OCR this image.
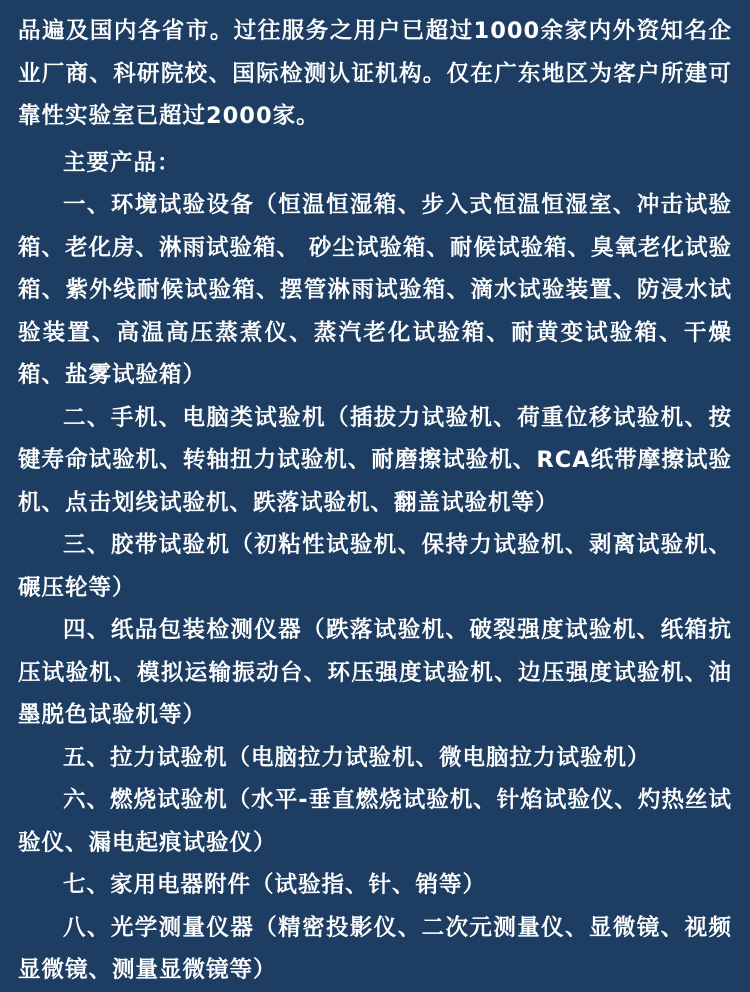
品遍及国内各省市。过往服务之用户已超过1000余家内外资知名企业厂商、科研院校、国际检测认证机构。仅在广东地区为客户所建可靠性实验室已超过2000家。

主要产品：

一、环境试验设备（恒温恒湿箱、步入式恒温恒湿室、冲击试验箱、老化房、淋雨试验箱、 砂尘试验箱、耐候试验箱、臭氧老化试验箱、紫外线耐候试验箱、摆管淋雨试验箱、滴水试验装置、防浸水试验装置、高温高压蒸煮仪、蒸汽老化试验箱、耐黄变试验箱、干燥箱、盐雾试验箱）

二、手机、电脑类试验机（插拔力试验机、荷重位移试验机、按键寿命试验机、转轴扭力试验机、耐磨擦试验机、RCA纸带摩擦试验机、点击划线试验机、跌落试验机、翻盖试验机等）

三、胶带试验机（初粘性试验机、保持力试验机、剥离试验机、碾压轮等）

四、纸品包装检测仪器（跌落试验机、破裂强度试验机、纸箱抗压试验机、模拟运输振动台、环压强度试验机、边压强度试验机、油墨脱色试验机等）

五、拉力试验机（电脑拉力试验机、微电脑拉力试验机）

六、燃烧试验机（水平-垂直燃烧试验机、针焰试验仪、灼热丝试验仪、漏电起痕试验仪）

七、家用电器附件（试验指、针、销等）

八、光学测量仪器（精密投影仪、二次元测量仪、显微镜、视频显微镜、测量显微镜等）
